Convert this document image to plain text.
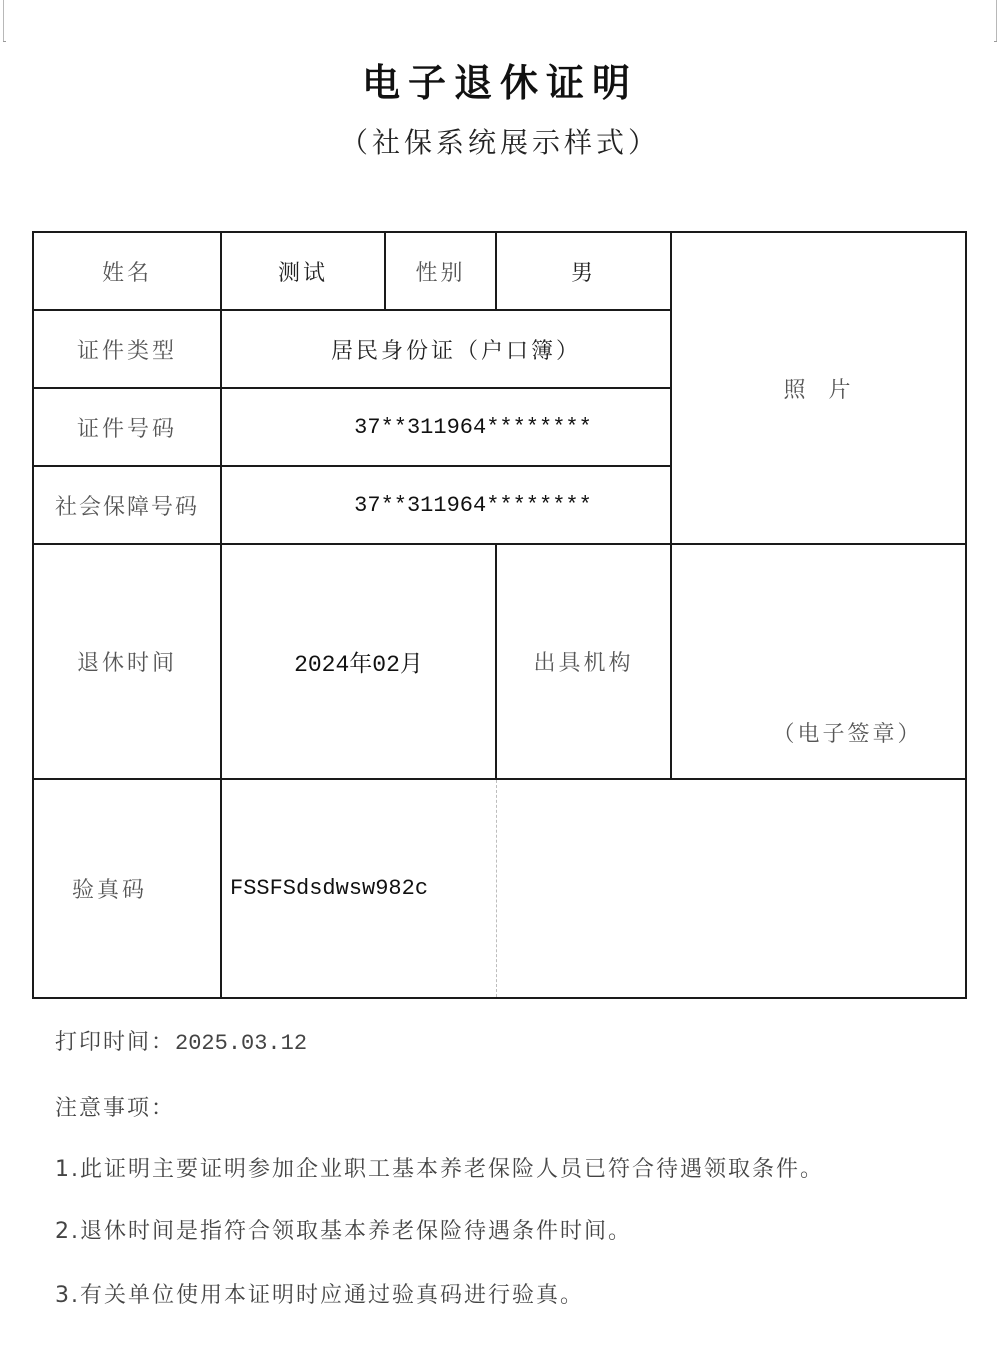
电子退休证明
（社保系统展示样式）
姓名	测试	性别	男
照  片
证件类型	居民身份证（户口簿）
证件号码	37**311964********
社会保障号码	37**311964********
退休时间	2024年02月	出具机构
（电子签章）
验真码	FSSFSdsdwsw982c
打印时间：2025.03.12
注意事项：
1.此证明主要证明参加企业职工基本养老保险人员已符合待遇领取条件。
2.退休时间是指符合领取基本养老保险待遇条件时间。
3.有关单位使用本证明时应通过验真码进行验真。
